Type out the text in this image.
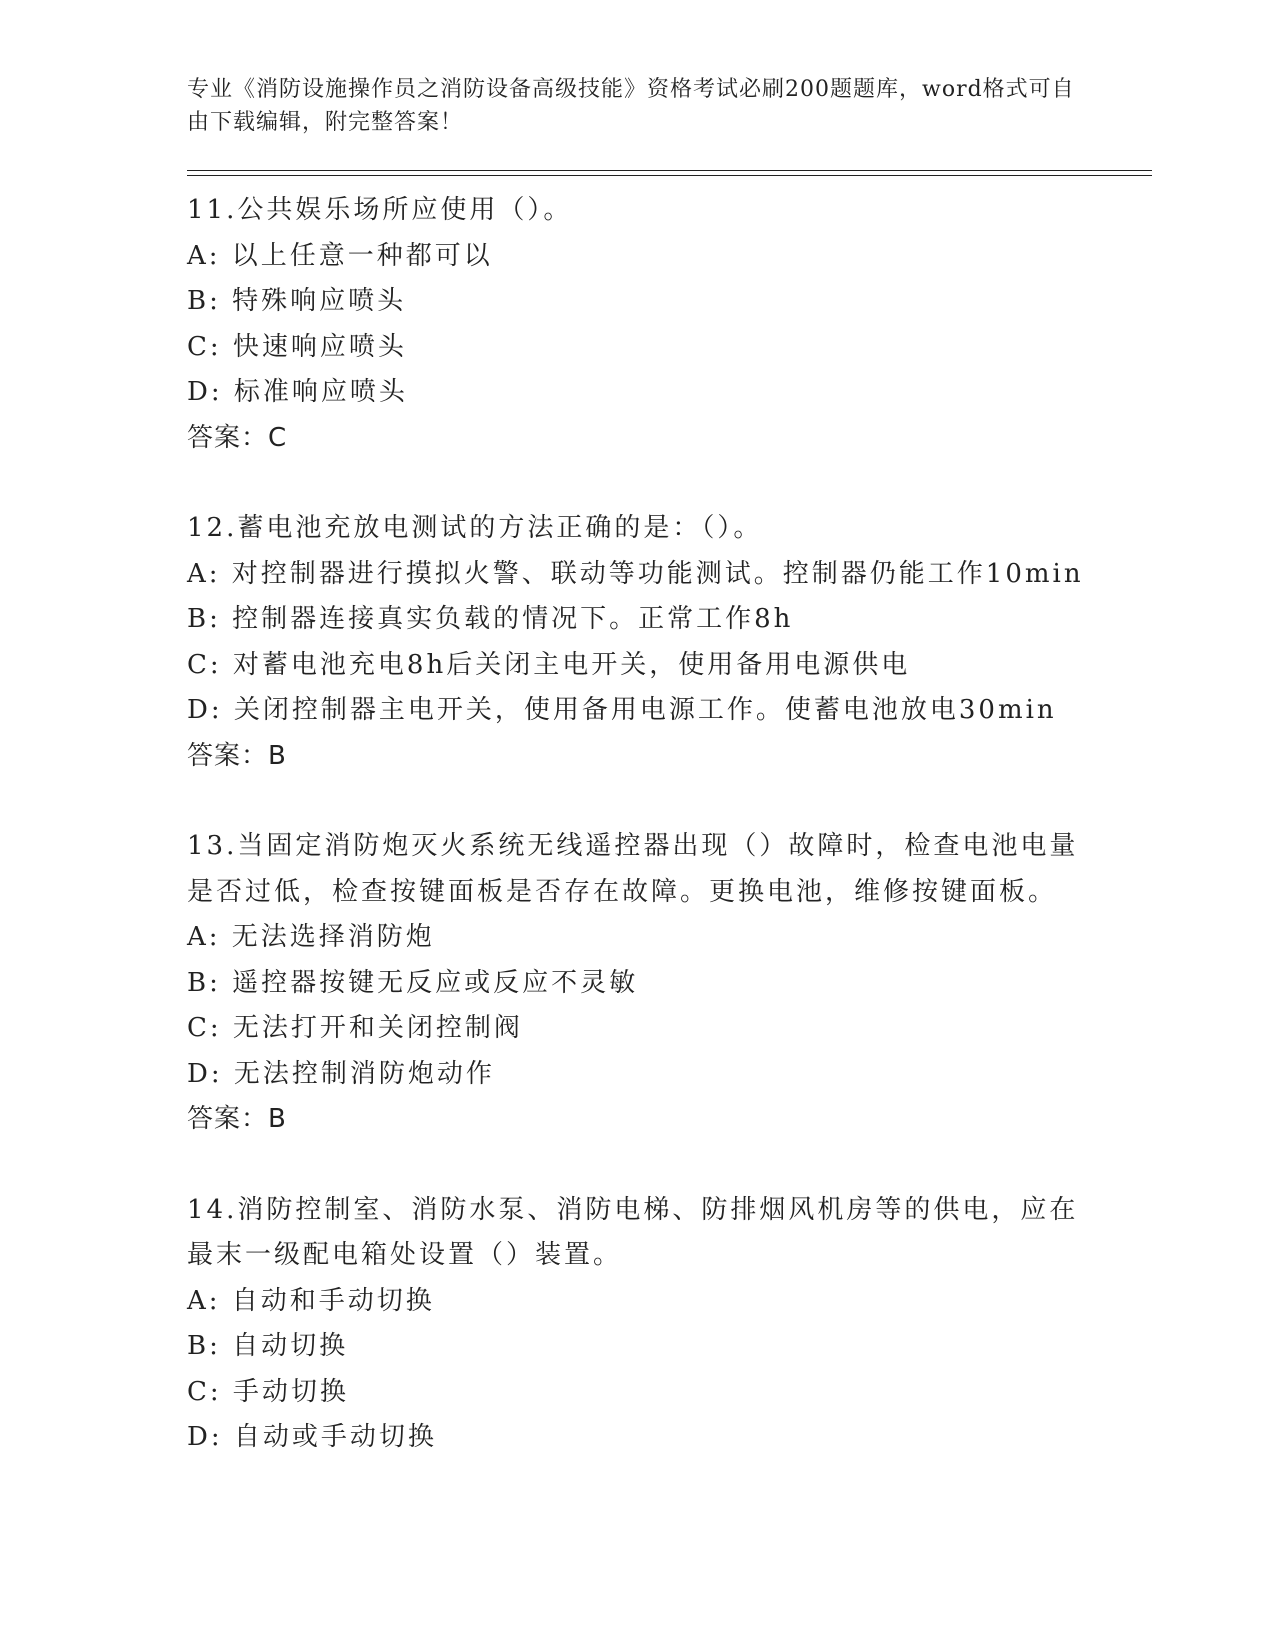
专业《消防设施操作员之消防设备高级技能》资格考试必刷200题题库，word格式可自由下载编辑，附完整答案！
11.公共娱乐场所应使用（）。
A: 以上任意一种都可以
B: 特殊响应喷头
C: 快速响应喷头
D: 标准响应喷头
答案：C
12.蓄电池充放电测试的方法正确的是：（）。
A: 对控制器进行摸拟火警、联动等功能测试。控制器仍能工作10min
B: 控制器连接真实负载的情况下。正常工作8h
C: 对蓄电池充电8h后关闭主电开关，使用备用电源供电
D: 关闭控制器主电开关，使用备用电源工作。使蓄电池放电30min
答案：B
13.当固定消防炮灭火系统无线遥控器出现（）故障时，检查电池电量
是否过低，检查按键面板是否存在故障。更换电池，维修按键面板。
A: 无法选择消防炮
B: 遥控器按键无反应或反应不灵敏
C: 无法打开和关闭控制阀
D: 无法控制消防炮动作
答案：B
14.消防控制室、消防水泵、消防电梯、防排烟风机房等的供电，应在
最末一级配电箱处设置（）装置。
A: 自动和手动切换
B: 自动切换
C: 手动切换
D: 自动或手动切换
